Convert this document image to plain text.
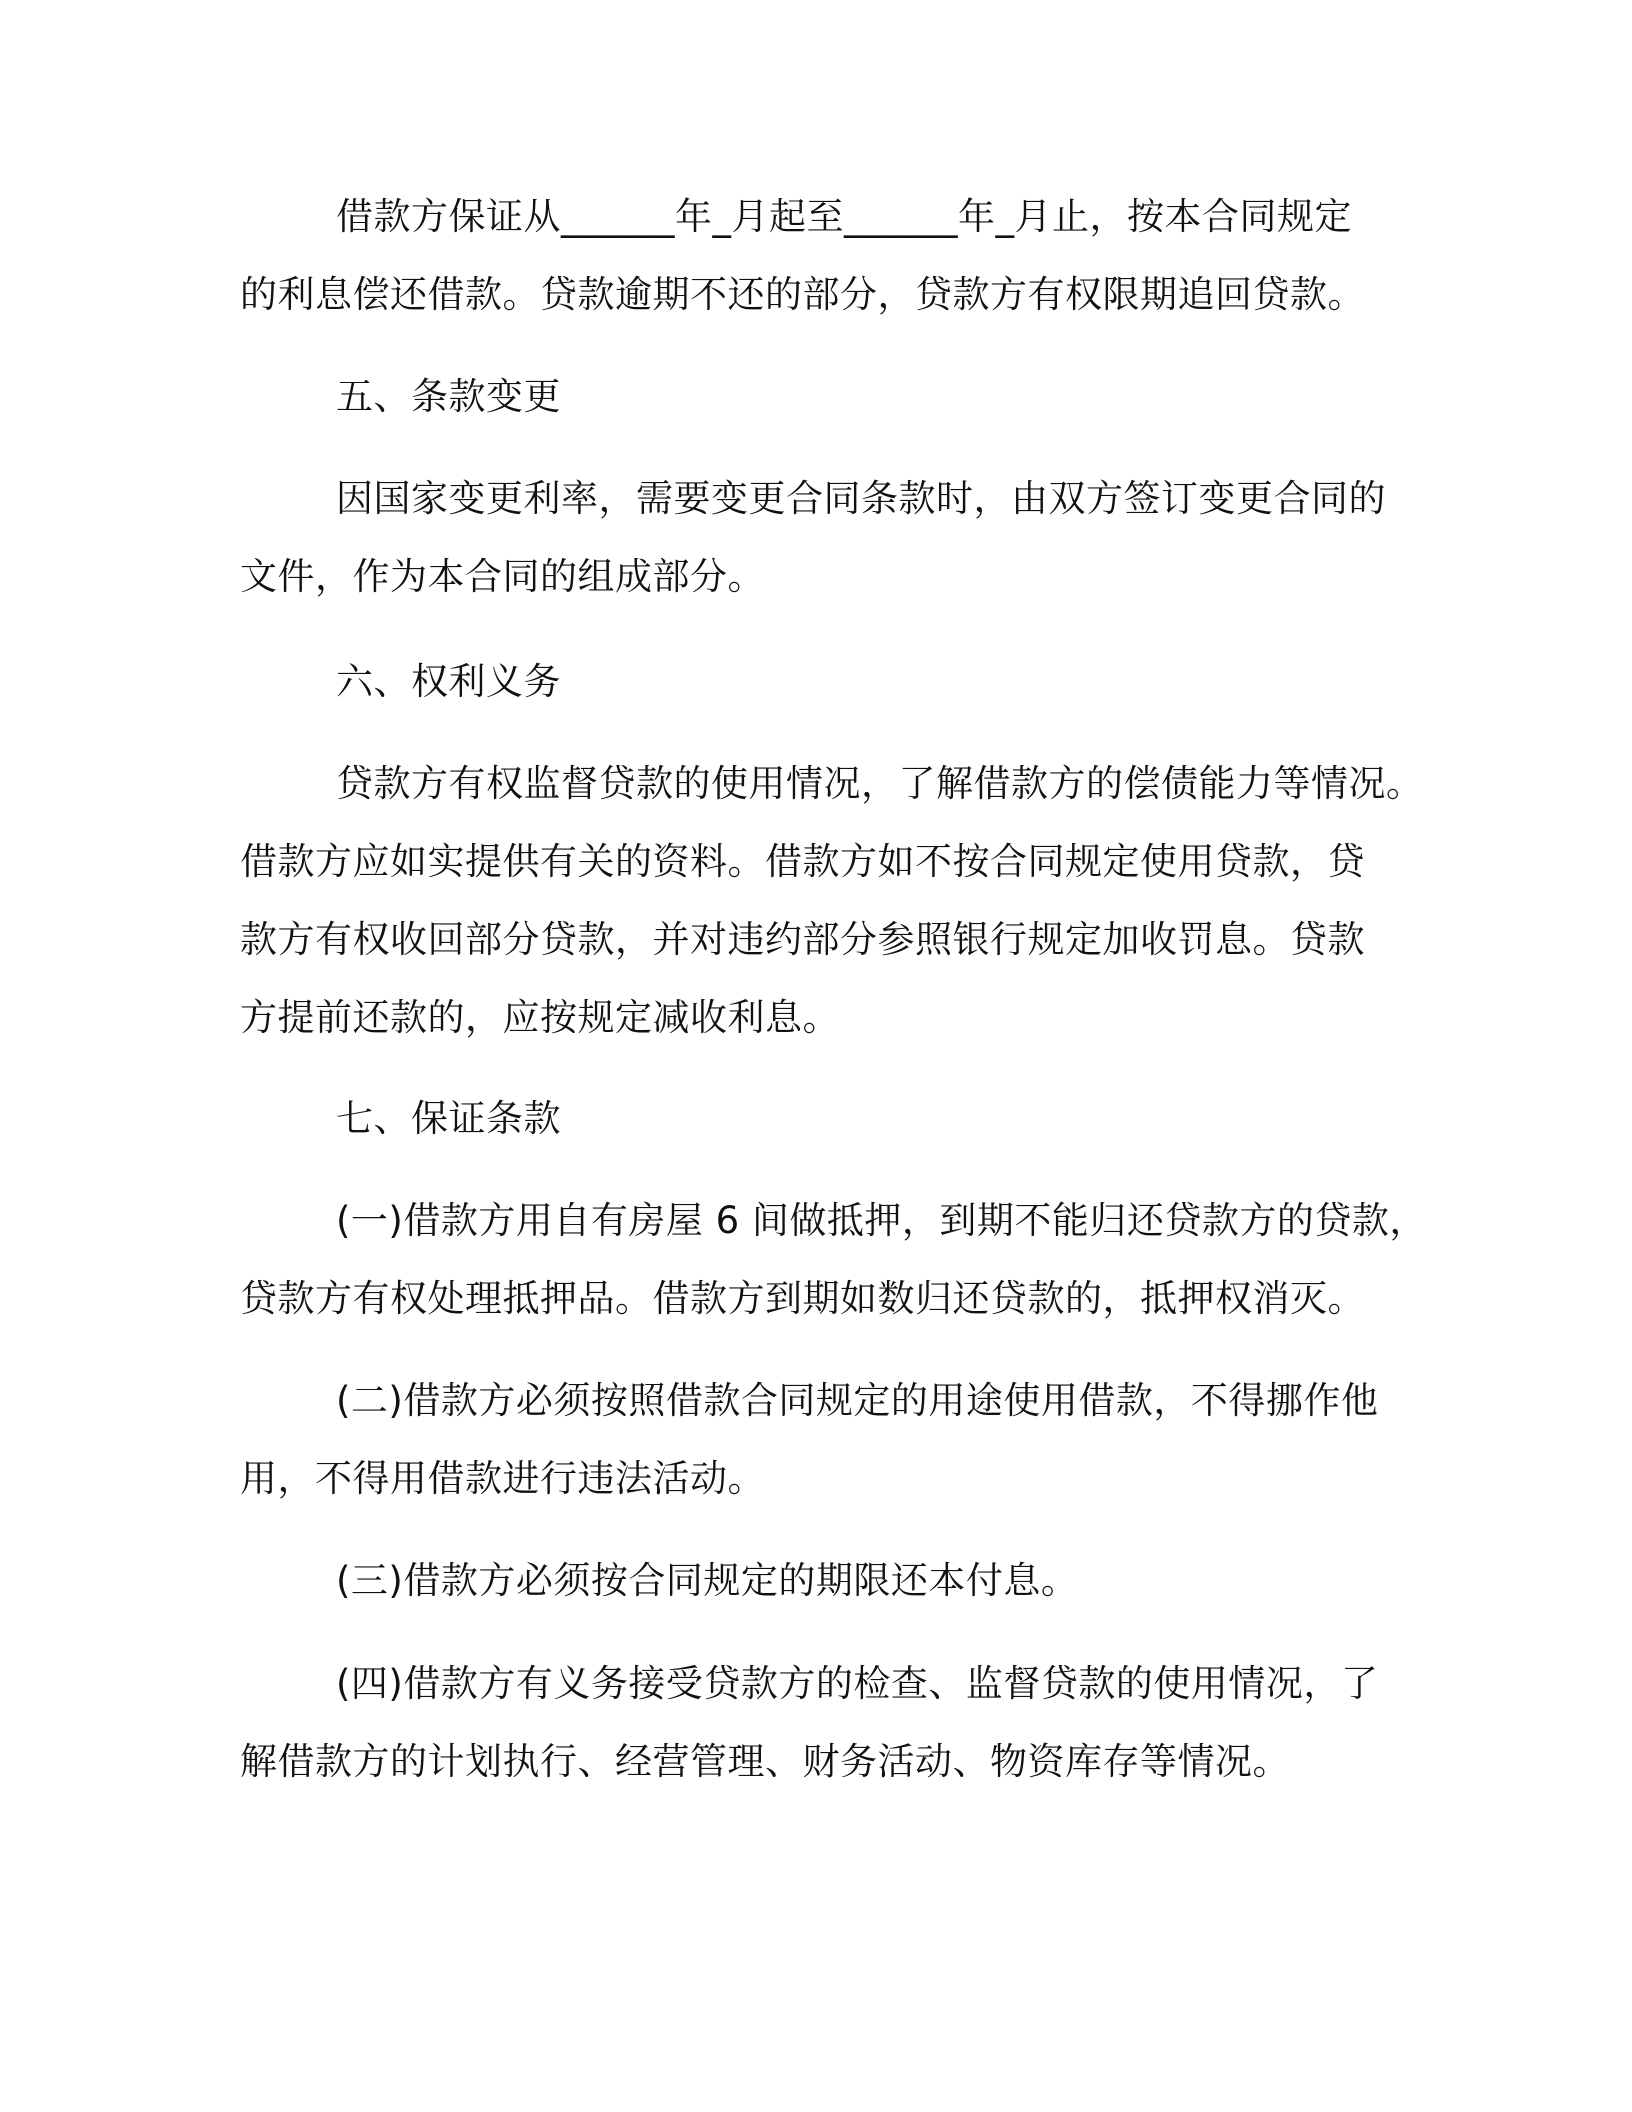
借款方保证从______年_月起至______年_月止，按本合同规定
的利息偿还借款。贷款逾期不还的部分，贷款方有权限期追回贷款。

五、条款变更

因国家变更利率，需要变更合同条款时，由双方签订变更合同的
文件，作为本合同的组成部分。

六、权利义务

贷款方有权监督贷款的使用情况，了解借款方的偿债能力等情况。
借款方应如实提供有关的资料。借款方如不按合同规定使用贷款，贷
款方有权收回部分贷款，并对违约部分参照银行规定加收罚息。贷款
方提前还款的，应按规定减收利息。

七、保证条款

(一)借款方用自有房屋 6 间做抵押，到期不能归还贷款方的贷款，
贷款方有权处理抵押品。借款方到期如数归还贷款的，抵押权消灭。

(二)借款方必须按照借款合同规定的用途使用借款，不得挪作他
用，不得用借款进行违法活动。

(三)借款方必须按合同规定的期限还本付息。

(四)借款方有义务接受贷款方的检查、监督贷款的使用情况，了
解借款方的计划执行、经营管理、财务活动、物资库存等情况。
